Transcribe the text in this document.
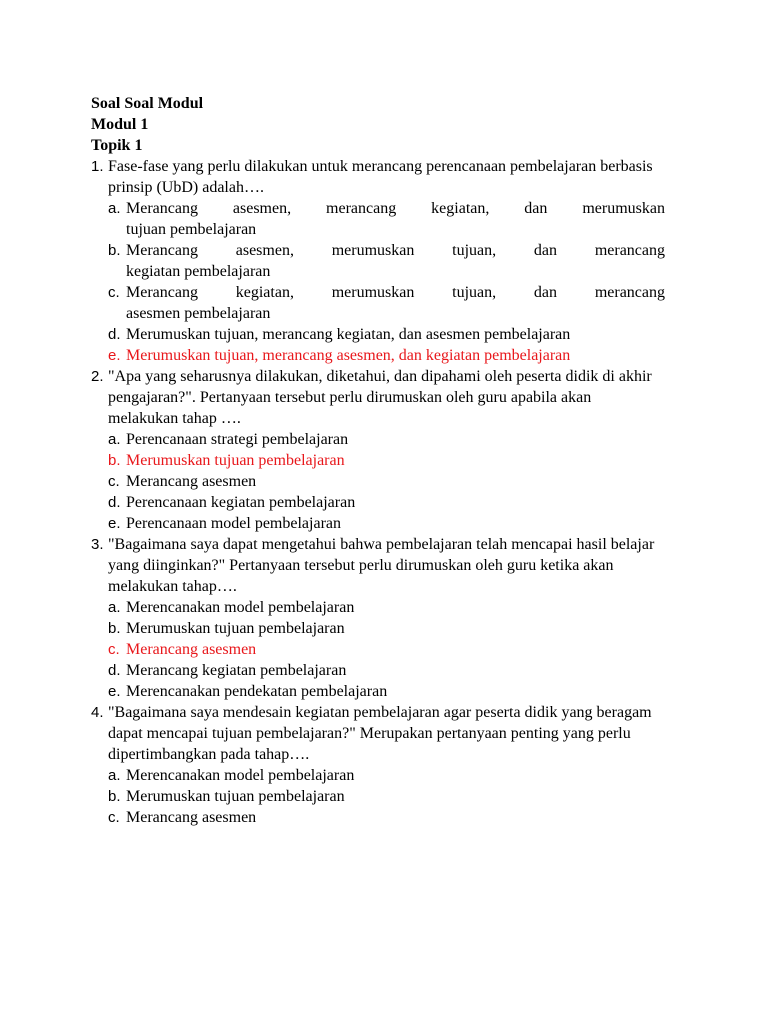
Soal Soal Modul
Modul 1
Topik 1
1. Fase-fase yang perlu dilakukan untuk merancang perencanaan pembelajaran berbasis prinsip (UbD) adalah….
a. Merancang asesmen, merancang kegiatan, dan merumuskan
tujuan pembelajaran
b. Merancang asesmen, merumuskan tujuan, dan merancang
kegiatan pembelajaran
c. Merancang kegiatan, merumuskan tujuan, dan merancang
asesmen pembelajaran
d. Merumuskan tujuan, merancang kegiatan, dan asesmen pembelajaran
e. Merumuskan tujuan, merancang asesmen, dan kegiatan pembelajaran
2. "Apa yang seharusnya dilakukan, diketahui, dan dipahami oleh peserta didik di akhir pengajaran?". Pertanyaan tersebut perlu dirumuskan oleh guru apabila akan melakukan tahap ….
a. Perencanaan strategi pembelajaran
b. Merumuskan tujuan pembelajaran
c. Merancang asesmen
d. Perencanaan kegiatan pembelajaran
e. Perencanaan model pembelajaran
3. "Bagaimana saya dapat mengetahui bahwa pembelajaran telah mencapai hasil belajar yang diinginkan?" Pertanyaan tersebut perlu dirumuskan oleh guru ketika akan melakukan tahap….
a. Merencanakan model pembelajaran
b. Merumuskan tujuan pembelajaran
c. Merancang asesmen
d. Merancang kegiatan pembelajaran
e. Merencanakan pendekatan pembelajaran
4. "Bagaimana saya mendesain kegiatan pembelajaran agar peserta didik yang beragam dapat mencapai tujuan pembelajaran?" Merupakan pertanyaan penting yang perlu dipertimbangkan pada tahap….
a. Merencanakan model pembelajaran
b. Merumuskan tujuan pembelajaran
c. Merancang asesmen
